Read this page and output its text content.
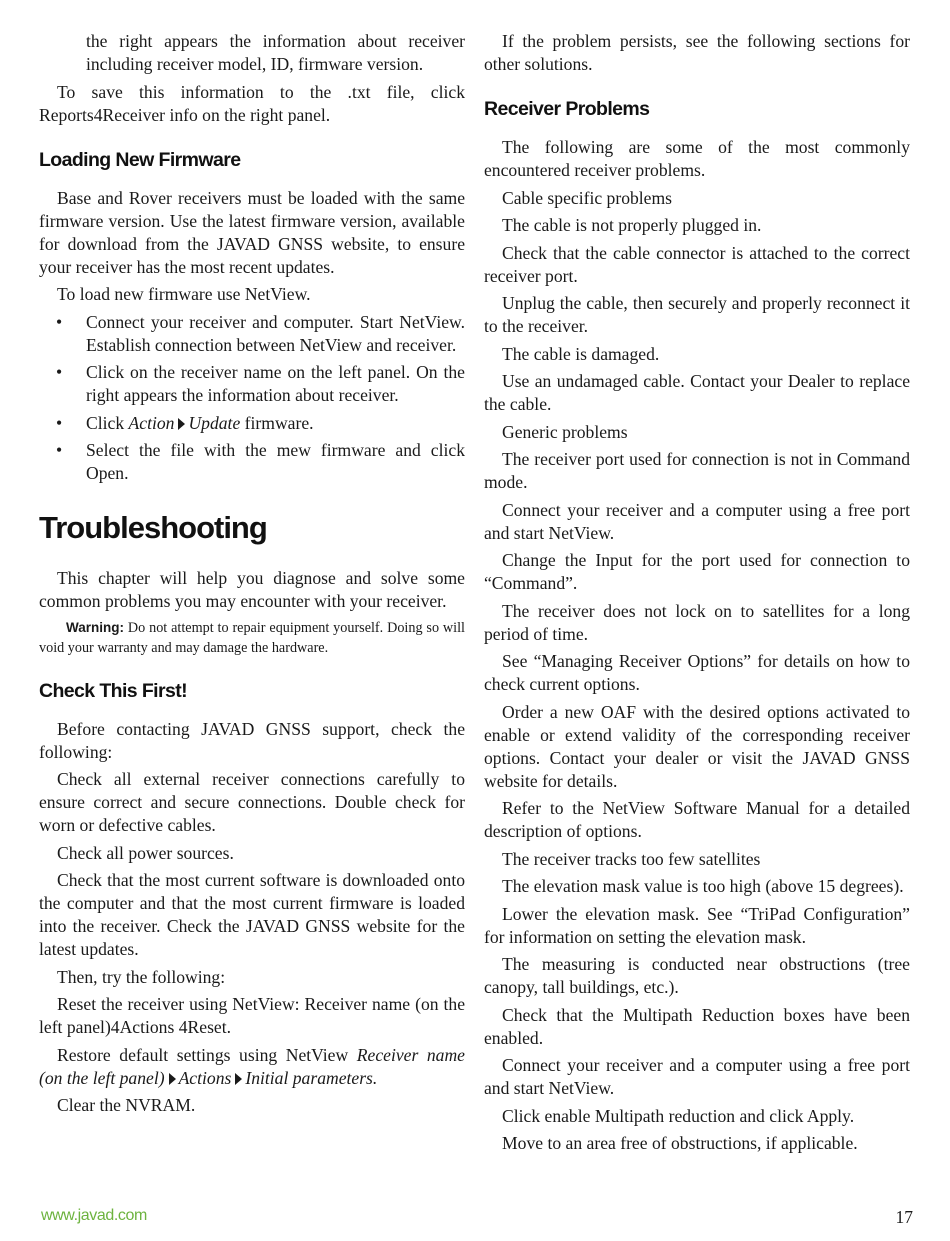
the right appears the information about receiver including receiver model, ID, firmware version.

To save this information to the .txt file, click Reports4Receiver info on the right panel.

Loading New Firmware

Base and Rover receivers must be loaded with the same firmware version. Use the latest firmware version, available for download from the JAVAD GNSS website, to ensure your receiver has the most recent updates.

To load new firmware use NetView.

• Connect your receiver and computer. Start NetView. Establish connection between NetView and receiver.
• Click on the receiver name on the left panel. On the right appears the information about receiver.
• Click Action Update firmware.
• Select the file with the mew firmware and click Open.
Troubleshooting

This chapter will help you diagnose and solve some common problems you may encounter with your receiver.

Warning: Do not attempt to repair equipment yourself. Doing so will void your warranty and may damage the hardware.
Check This First!

Before contacting JAVAD GNSS support, check the following:

Check all external receiver connections carefully to ensure correct and secure connections. Double check for worn or defective cables.

Check all power sources.

Check that the most current software is downloaded onto the computer and that the most current firmware is loaded into the receiver. Check the JAVAD GNSS website for the latest updates.

Then, try the following:

Reset the receiver using NetView: Receiver name (on the left panel)4Actions 4Reset.

Restore default settings using NetView Receiver name (on the left panel) Actions Initial parameters.

Clear the NVRAM.

If the problem persists, see the following sections for other solutions.

Receiver Problems

The following are some of the most commonly encountered receiver problems.

Cable specific problems

The cable is not properly plugged in.

Check that the cable connector is attached to the correct receiver port.

Unplug the cable, then securely and properly reconnect it to the receiver.

The cable is damaged.

Use an undamaged cable. Contact your Dealer to replace the cable.

Generic problems

The receiver port used for connection is not in Command mode.

Connect your receiver and a computer using a free port and start NetView.

Change the Input for the port used for connection to “Command”.

The receiver does not lock on to satellites for a long period of time.

See “Managing Receiver Options” for details on how to check current options.

Order a new OAF with the desired options activated to enable or extend validity of the corresponding receiver options. Contact your dealer or visit the JAVAD GNSS website for details.

Refer to the NetView Software Manual for a detailed description of options.

The receiver tracks too few satellites

The elevation mask value is too high (above 15 degrees).

Lower the elevation mask. See “TriPad Configuration” for information on setting the elevation mask.

The measuring is conducted near obstructions (tree canopy, tall buildings, etc.).

Check that the Multipath Reduction boxes have been enabled.

Connect your receiver and a computer using a free port and start NetView.

Click enable Multipath reduction and click Apply.

Move to an area free of obstructions, if applicable.

www.javad.com	17
